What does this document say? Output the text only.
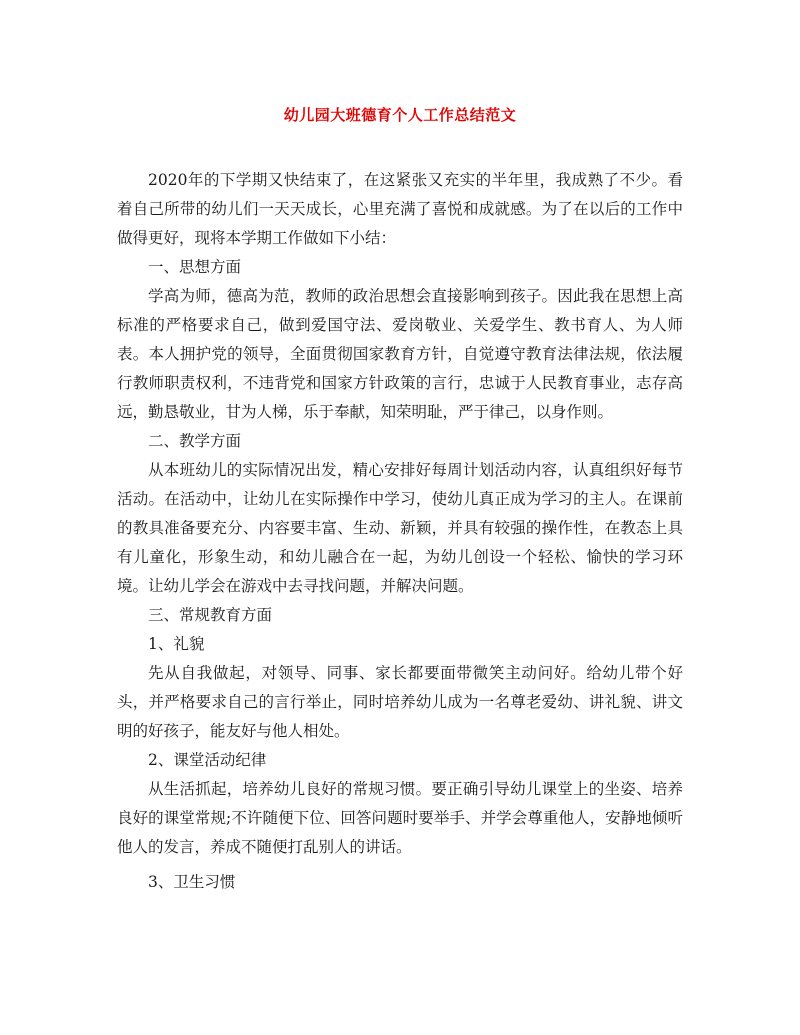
幼儿园大班德育个人工作总结范文

2020年的下学期又快结束了，在这紧张又充实的半年里，我成熟了不少。看着自己所带的幼儿们一天天成长，心里充满了喜悦和成就感。为了在以后的工作中做得更好，现将本学期工作做如下小结：

一、思想方面

学高为师，德高为范，教师的政治思想会直接影响到孩子。因此我在思想上高标准的严格要求自己，做到爱国守法、爱岗敬业、关爱学生、教书育人、为人师表。本人拥护党的领导，全面贯彻国家教育方针，自觉遵守教育法律法规，依法履行教师职责权利，不违背党和国家方针政策的言行，忠诚于人民教育事业，志存高远，勤恳敬业，甘为人梯，乐于奉献，知荣明耻，严于律己，以身作则。

二、教学方面

从本班幼儿的实际情况出发，精心安排好每周计划活动内容，认真组织好每节活动。在活动中，让幼儿在实际操作中学习，使幼儿真正成为学习的主人。在课前的教具准备要充分、内容要丰富、生动、新颖，并具有较强的操作性，在教态上具有儿童化，形象生动，和幼儿融合在一起，为幼儿创设一个轻松、愉快的学习环境。让幼儿学会在游戏中去寻找问题，并解决问题。

三、常规教育方面

1、礼貌

先从自我做起，对领导、同事、家长都要面带微笑主动问好。给幼儿带个好头，并严格要求自己的言行举止，同时培养幼儿成为一名尊老爱幼、讲礼貌、讲文明的好孩子，能友好与他人相处。

2、课堂活动纪律

从生活抓起，培养幼儿良好的常规习惯。要正确引导幼儿课堂上的坐姿、培养良好的课堂常规;不许随便下位、回答问题时要举手、并学会尊重他人，安静地倾听他人的发言，养成不随便打乱别人的讲话。

3、卫生习惯
